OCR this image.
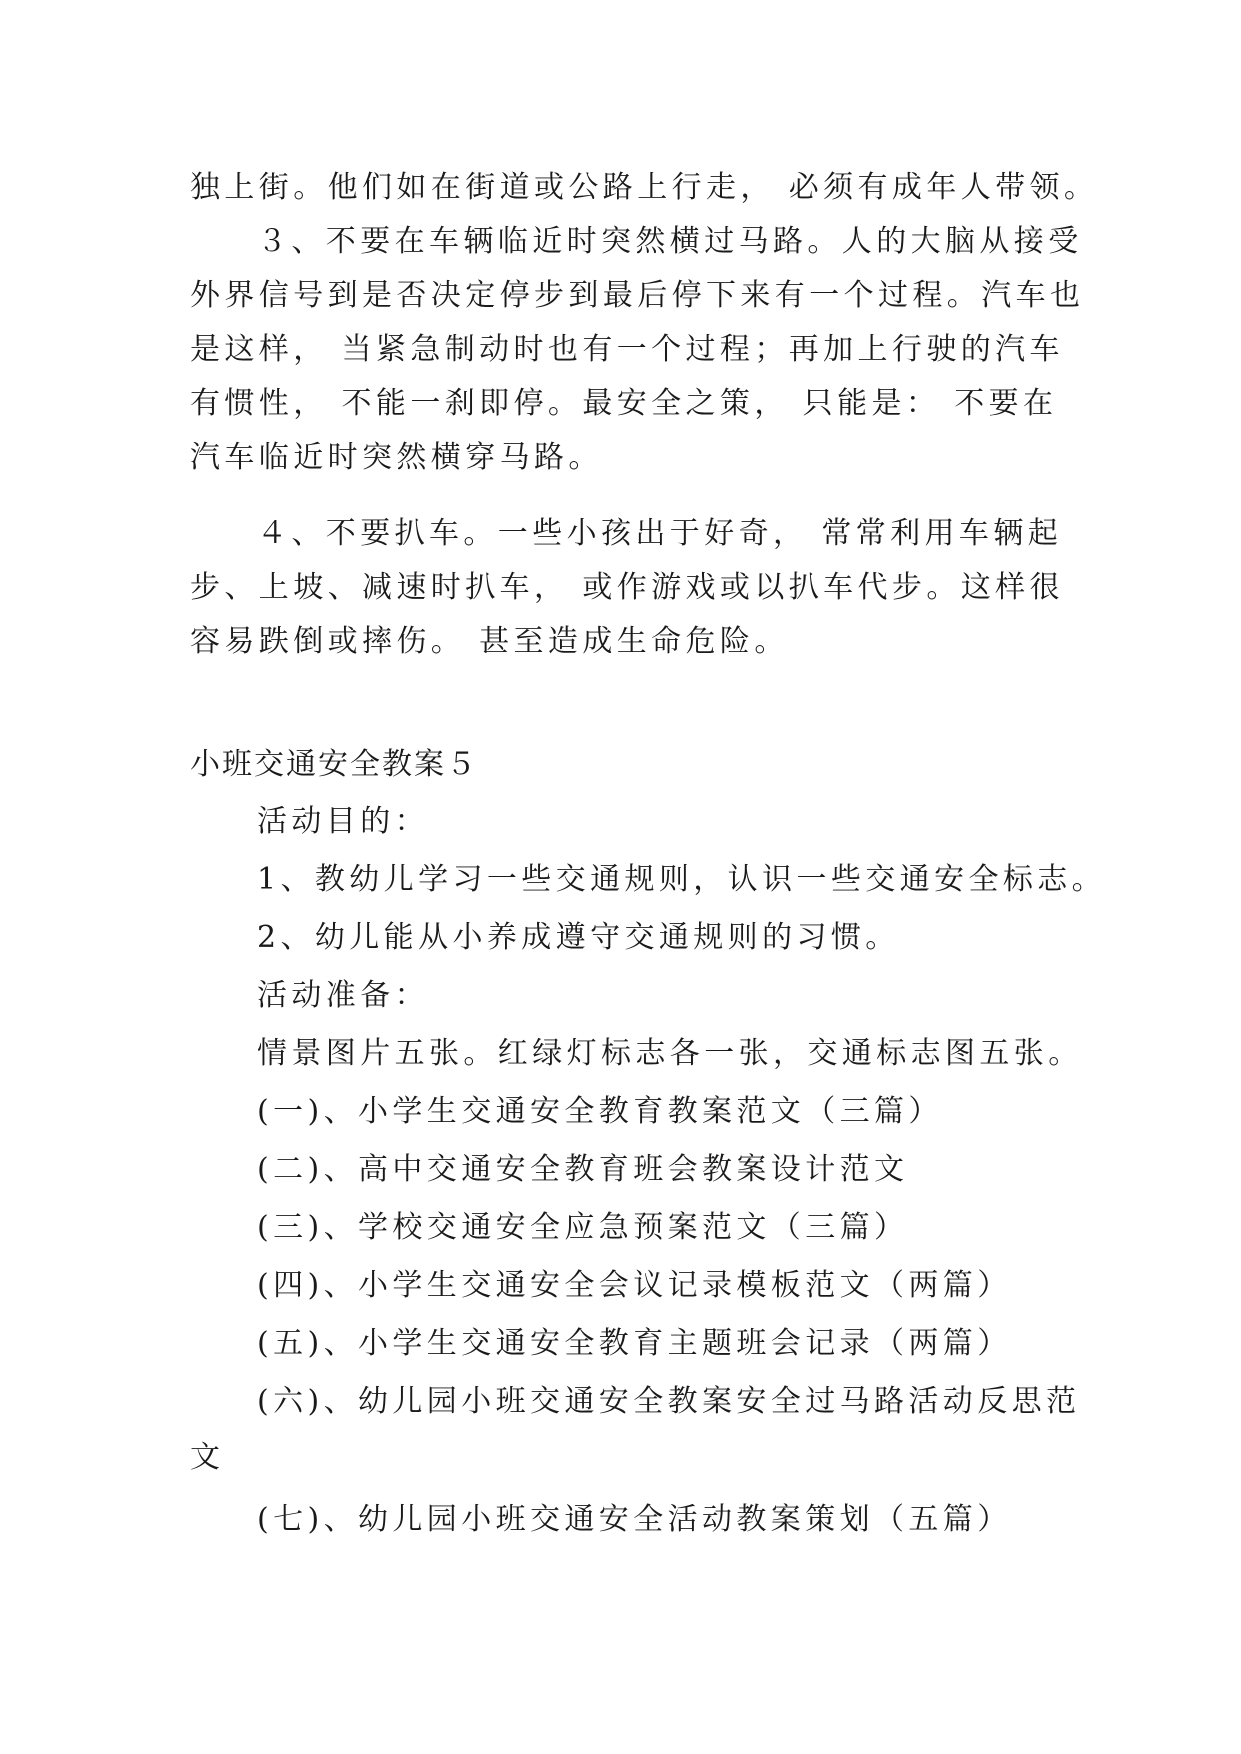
独上街。他们如在街道或公路上行走， 必须有成年人带领。
３、不要在车辆临近时突然横过马路。人的大脑从接受
外界信号到是否决定停步到最后停下来有一个过程。汽车也
是这样， 当紧急制动时也有一个过程；再加上行驶的汽车
有惯性， 不能一刹即停。最安全之策， 只能是： 不要在
汽车临近时突然横穿马路。
４、不要扒车。一些小孩出于好奇， 常常利用车辆起
步、上坡、减速时扒车， 或作游戏或以扒车代步。这样很
容易跌倒或摔伤。 甚至造成生命危险。
小班交通安全教案５
活动目的：
1、教幼儿学习一些交通规则，认识一些交通安全标志。
2、幼儿能从小养成遵守交通规则的习惯。
活动准备：
情景图片五张。红绿灯标志各一张，交通标志图五张。
(一)、小学生交通安全教育教案范文（三篇）
(二)、高中交通安全教育班会教案设计范文
(三)、学校交通安全应急预案范文（三篇）
(四)、小学生交通安全会议记录模板范文（两篇）
(五)、小学生交通安全教育主题班会记录（两篇）
(六)、幼儿园小班交通安全教案安全过马路活动反思范
文
(七)、幼儿园小班交通安全活动教案策划（五篇）
